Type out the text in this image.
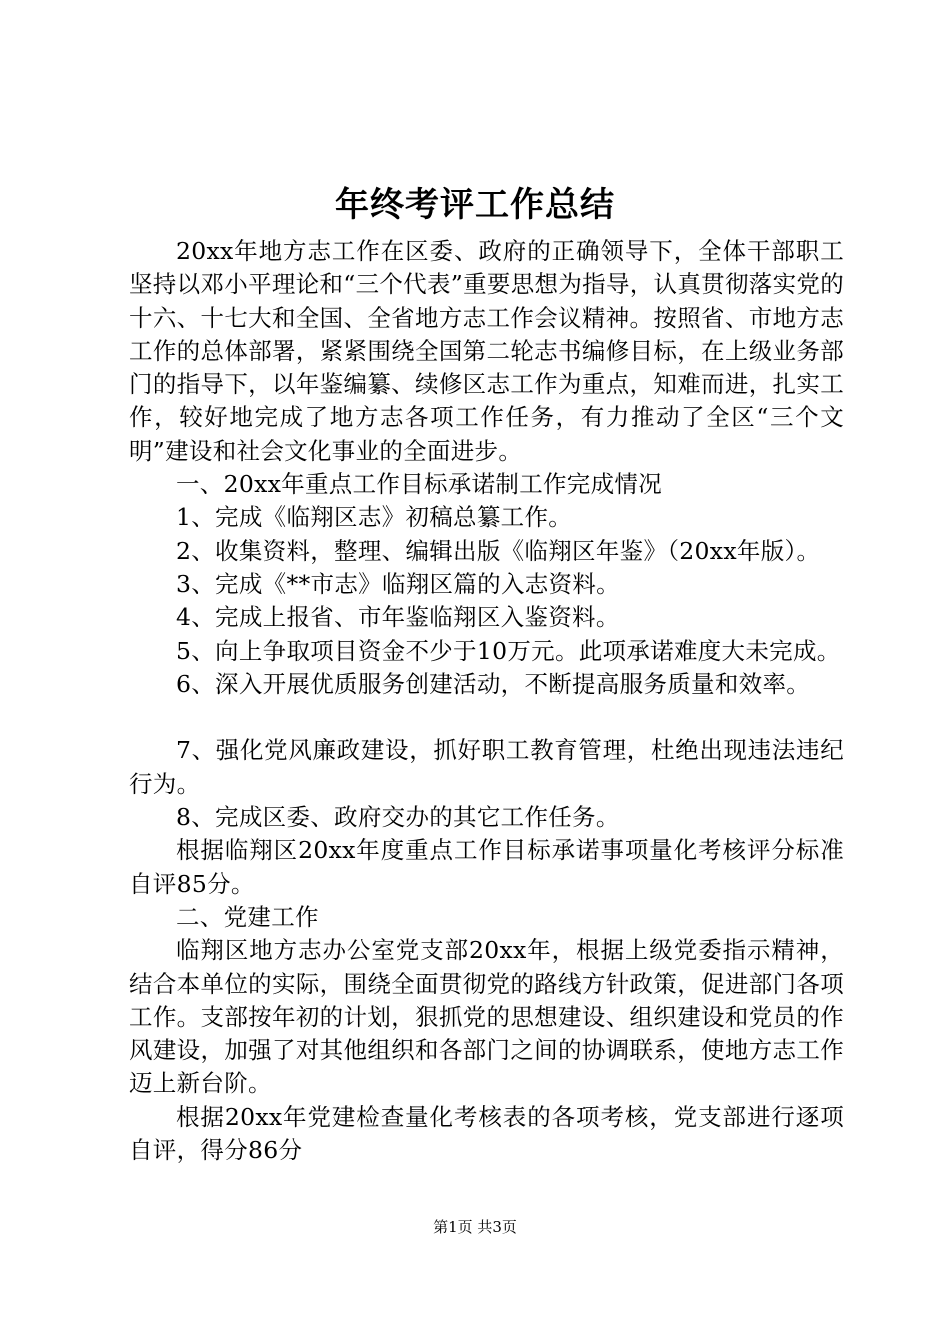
年终考评工作总结

20xx年地方志工作在区委、政府的正确领导下，全体干部职工坚持以邓小平理论和“三个代表”重要思想为指导，认真贯彻落实党的十六、十七大和全国、全省地方志工作会议精神。按照省、市地方志工作的总体部署，紧紧围绕全国第二轮志书编修目标，在上级业务部门的指导下，以年鉴编纂、续修区志工作为重点，知难而进，扎实工作，较好地完成了地方志各项工作任务，有力推动了全区“三个文明”建设和社会文化事业的全面进步。

一、20xx年重点工作目标承诺制工作完成情况

1、完成《临翔区志》初稿总纂工作。

2、收集资料，整理、编辑出版《临翔区年鉴》（20xx年版）。

3、完成《**市志》临翔区篇的入志资料。

4、完成上报省、市年鉴临翔区入鉴资料。

5、向上争取项目资金不少于10万元。此项承诺难度大未完成。

6、深入开展优质服务创建活动，不断提高服务质量和效率。

7、强化党风廉政建设，抓好职工教育管理，杜绝出现违法违纪行为。

8、完成区委、政府交办的其它工作任务。

根据临翔区20xx年度重点工作目标承诺事项量化考核评分标准自评85分。

二、党建工作

临翔区地方志办公室党支部20xx年，根据上级党委指示精神，结合本单位的实际，围绕全面贯彻党的路线方针政策，促进部门各项工作。支部按年初的计划，狠抓党的思想建设、组织建设和党员的作风建设，加强了对其他组织和各部门之间的协调联系，使地方志工作迈上新台阶。

根据20xx年党建检查量化考核表的各项考核，党支部进行逐项自评，得分86分

第1页 共3页
